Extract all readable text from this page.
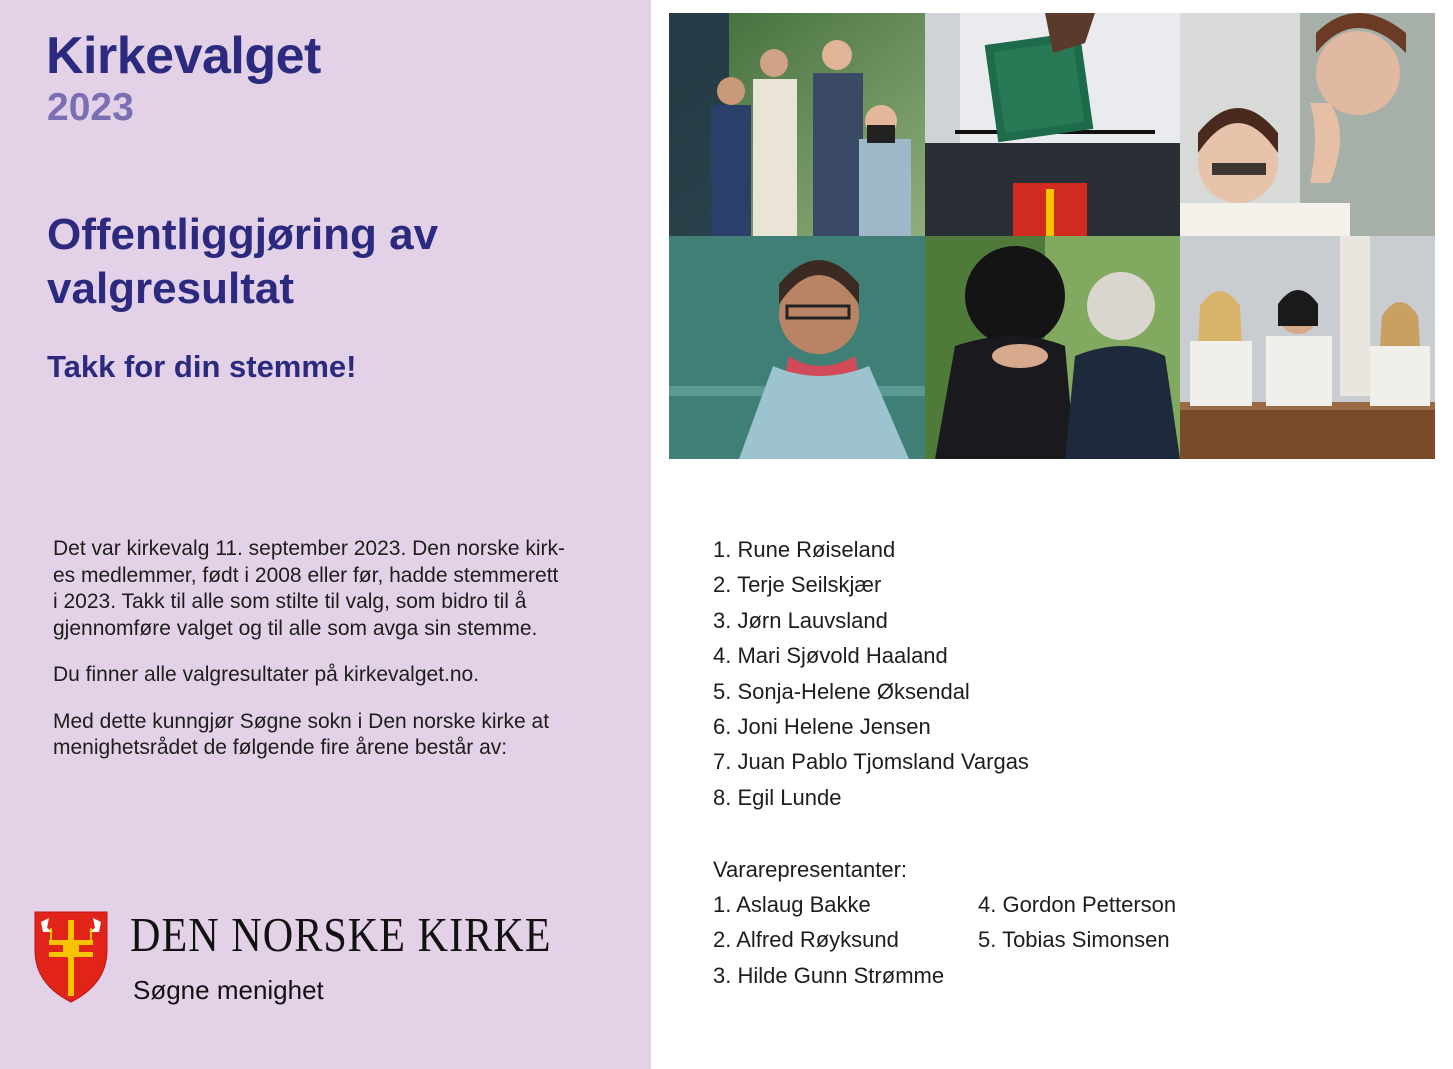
Kirkevalget
2023
Offentliggjøring av valgresultat
Takk for din stemme!

Det var kirkevalg 11. september 2023. Den norske kirk-
es medlemmer, født i 2008 eller før, hadde stemmerett
i 2023. Takk til alle som stilte til valg, som bidro til å
gjennomføre valget og til alle som avga sin stemme.

Du finner alle valgresultater på kirkevalget.no.

Med dette kunngjør Søgne sokn i Den norske kirke at
menighetsrådet de følgende fire årene består av:

DEN NORSKE KIRKE
Søgne menighet
1. Rune Røiseland
2. Terje Seilskjær
3. Jørn Lauvsland
4. Mari Sjøvold Haaland
5. Sonja-Helene Øksendal
6. Joni Helene Jensen
7. Juan Pablo Tjomsland Vargas
8. Egil Lunde
Vararepresentanter:
1. Aslaug Bakke
2. Alfred Røyksund
3. Hilde Gunn Strømme
4. Gordon Petterson
5. Tobias Simonsen
